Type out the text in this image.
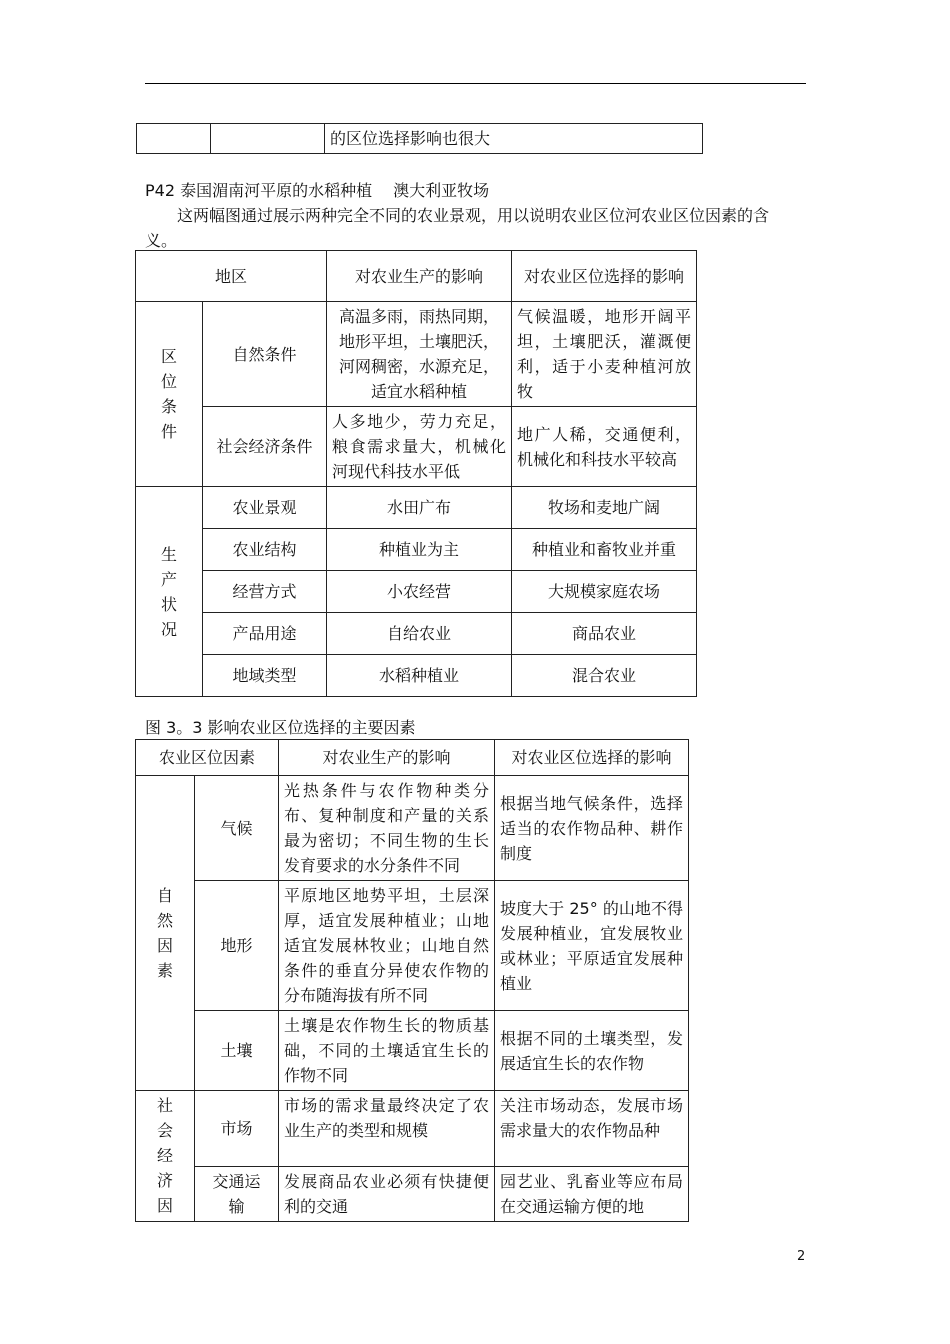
		的区位选择影响也很大
P42 泰国湄南河平原的水稻种植　 澳大利亚牧场
这两幅图通过展示两种完全不同的农业景观，用以说明农业区位河农业区位因素的含
义。
地区		对农业生产的影响	对农业区位选择的影响

区位条件	自然条件	高温多雨，雨热同期，地形平坦，土壤肥沃，河网稠密，水源充足，适宜水稻种植	气候温暖，地形开阔平坦，土壤肥沃，灌溉便利，适于小麦种植河放牧
	社会经济条件	人多地少，劳力充足，粮食需求量大，机械化河现代科技水平低	地广人稀，交通便利，机械化和科技水平较高

生产状况	农业景观	水田广布	牧场和麦地广阔
	农业结构	种植业为主	种植业和畜牧业并重
	经营方式	小农经营	大规模家庭农场
	产品用途	自给农业	商品农业
	地域类型	水稻种植业	混合农业
图 3。3 影响农业区位选择的主要因素
农业区位因素		对农业生产的影响	对农业区位选择的影响

自然因素	气候	光热条件与农作物种类分布、复种制度和产量的关系最为密切；不同生物的生长发育要求的水分条件不同	根据当地气候条件，选择适当的农作物品种、耕作制度
	地形	平原地区地势平坦，土层深厚，适宜发展种植业；山地适宜发展林牧业；山地自然条件的垂直分异使农作物的分布随海拔有所不同	坡度大于 25° 的山地不得发展种植业，宜发展牧业或林业；平原适宜发展种植业
	土壤	土壤是农作物生长的物质基础，不同的土壤适宜生长的作物不同	根据不同的土壤类型，发展适宜生长的农作物

社会经济因	市场	市场的需求量最终决定了农业生产的类型和规模	关注市场动态，发展市场需求量大的农作物品种
	交通运输	发展商品农业必须有快捷便利的交通	园艺业、乳畜业等应布局在交通运输方便的地
2
